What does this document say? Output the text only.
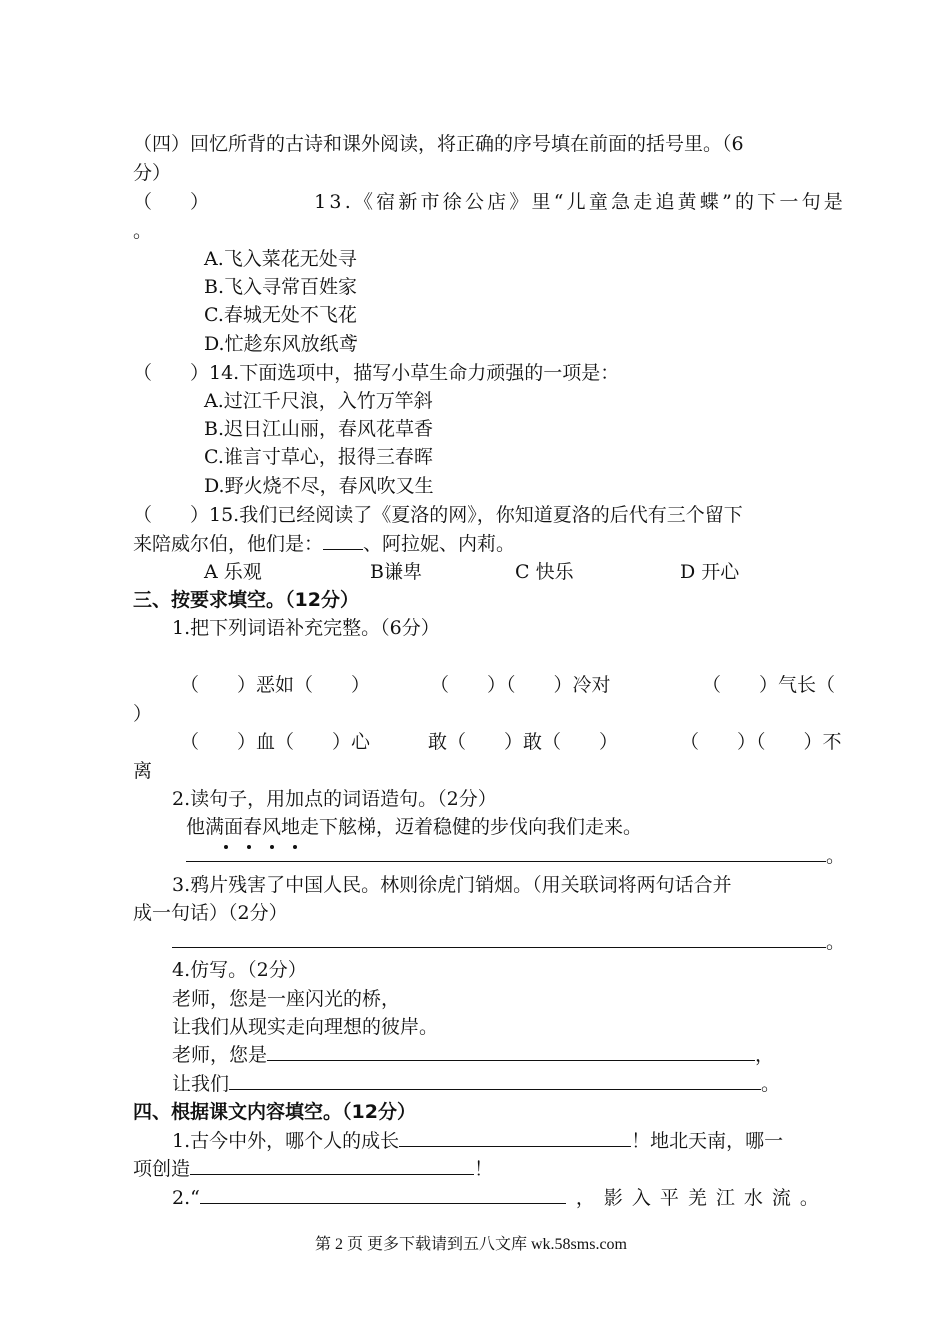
（四）回忆所背的古诗和课外阅读，将正确的序号填在前面的括号里。（6
分）
（　　）	13.《宿新市徐公店》里“儿童急走追黄蝶”的下一句是
。
A.飞入菜花无处寻
B.飞入寻常百姓家
C.春城无处不飞花
D.忙趁东风放纸鸢
（　　）14.下面选项中，描写小草生命力顽强的一项是：
A.过江千尺浪，入竹万竿斜
B.迟日江山丽，春风花草香
C.谁言寸草心，报得三春晖
D.野火烧不尽，春风吹又生
（　　）15.我们已经阅读了《夏洛的网》，你知道夏洛的后代有三个留下
来陪威尔伯，他们是： 、阿拉妮、内莉。
A 乐观	B谦卑	C 快乐	D 开心
三、按要求填空。（12分）
1.把下列词语补充完整。（6分）
（　　）恶如（　　）	（　　）（　　）冷对	（　　）气长（
）
（　　）血（　　）心	敢（　　）敢（　　）	（　　）（　　）不
离
2.读句子，用加点的词语造句。（2分）
他满面春风地走下舷梯，迈着稳健的步伐向我们走来。
。
3.鸦片残害了中国人民。林则徐虎门销烟。（用关联词将两句话合并
成一句话）（2分）
。
4.仿写。（2分）
老师，您是一座闪光的桥，
让我们从现实走向理想的彼岸。
老师，您是	，
让我们	。
四、根据课文内容填空。（12分）
1.古今中外，哪个人的成长	！地北天南，哪一
项创造	！
2.“	，影入平羌江水流。
第 2 页 更多下载请到五八文库 wk.58sms.com
